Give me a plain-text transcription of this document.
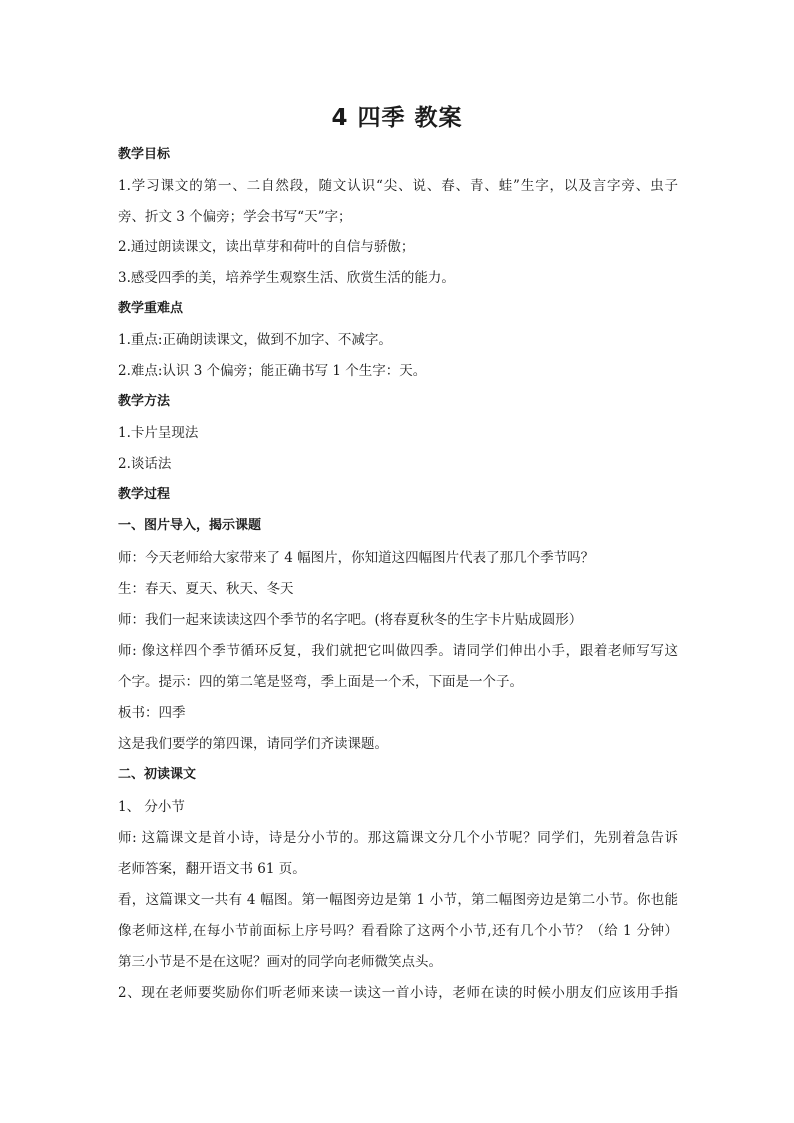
4 四季 教案
教学目标
1.学习课文的第一、二自然段，随文认识“尖、说、春、青、蛙”生字，以及言字旁、虫子
旁、折文 3 个偏旁；学会书写“天”字；
2.通过朗读课文，读出草芽和荷叶的自信与骄傲；
3.感受四季的美，培养学生观察生活、欣赏生活的能力。
教学重难点
1.重点:正确朗读课文，做到不加字、不减字。
2.难点:认识 3 个偏旁；能正确书写 1 个生字：天。
教学方法
1.卡片呈现法
2.谈话法
教学过程
一、图片导入，揭示课题
师：今天老师给大家带来了 4 幅图片，你知道这四幅图片代表了那几个季节吗？
生：春天、夏天、秋天、冬天
师：我们一起来读读这四个季节的名字吧。(将春夏秋冬的生字卡片贴成圆形）
师: 像这样四个季节循环反复，我们就把它叫做四季。请同学们伸出小手，跟着老师写写这
个字。提示：四的第二笔是竖弯，季上面是一个禾，下面是一个子。
板书：四季
这是我们要学的第四课，请同学们齐读课题。
二、初读课文
1、 分小节
师: 这篇课文是首小诗，诗是分小节的。那这篇课文分几个小节呢？同学们，先别着急告诉
老师答案，翻开语文书 61 页。
看，这篇课文一共有 4 幅图。第一幅图旁边是第 1 小节，第二幅图旁边是第二小节。你也能
像老师这样,在每小节前面标上序号吗？看看除了这两个小节,还有几个小节？（给 1 分钟）
第三小节是不是在这呢？画对的同学向老师微笑点头。
2、现在老师要奖励你们听老师来读一读这一首小诗，老师在读的时候小朋友们应该用手指
